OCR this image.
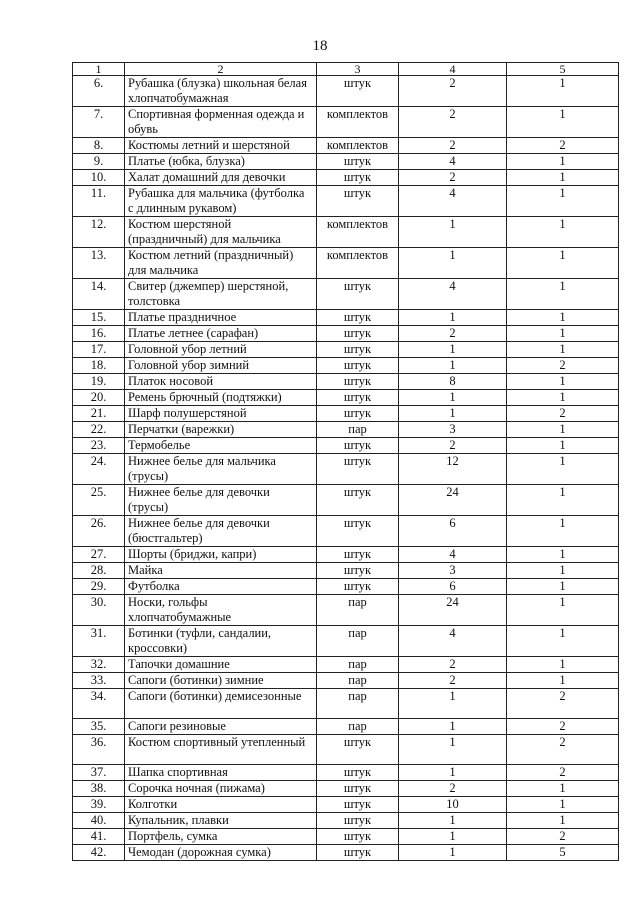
18
1	2	3	4	5
6.	Рубашка (блузка) школьная белая хлопчатобумажная	штук	2	1
7.	Спортивная форменная одежда и обувь	комплектов	2	1
8.	Костюмы летний и шерстяной	комплектов	2	2
9.	Платье (юбка, блузка)	штук	4	1
10.	Халат домашний для девочки	штук	2	1
11.	Рубашка для мальчика (футболка с длинным рукавом)	штук	4	1
12.	Костюм шерстяной (праздничный) для мальчика	комплектов	1	1
13.	Костюм летний (праздничный) для мальчика	комплектов	1	1
14.	Свитер (джемпер) шерстяной, толстовка	штук	4	1
15.	Платье праздничное	штук	1	1
16.	Платье летнее (сарафан)	штук	2	1
17.	Головной убор летний	штук	1	1
18.	Головной убор зимний	штук	1	2
19.	Платок носовой	штук	8	1
20.	Ремень брючный (подтяжки)	штук	1	1
21.	Шарф полушерстяной	штук	1	2
22.	Перчатки (варежки)	пар	3	1
23.	Термобелье	штук	2	1
24.	Нижнее белье для мальчика (трусы)	штук	12	1
25.	Нижнее белье для девочки (трусы)	штук	24	1
26.	Нижнее белье для девочки (бюстгальтер)	штук	6	1
27.	Шорты (бриджи, капри)	штук	4	1
28.	Майка	штук	3	1
29.	Футболка	штук	6	1
30.	Носки, гольфы хлопчатобумажные	пар	24	1
31.	Ботинки (туфли, сандалии, кроссовки)	пар	4	1
32.	Тапочки домашние	пар	2	1
33.	Сапоги (ботинки) зимние	пар	2	1
34.	Сапоги (ботинки) демисезонные	пар	1	2
35.	Сапоги резиновые	пар	1	2
36.	Костюм спортивный утепленный	штук	1	2
37.	Шапка спортивная	штук	1	2
38.	Сорочка ночная (пижама)	штук	2	1
39.	Колготки	штук	10	1
40.	Купальник, плавки	штук	1	1
41.	Портфель, сумка	штук	1	2
42.	Чемодан (дорожная сумка)	штук	1	5
